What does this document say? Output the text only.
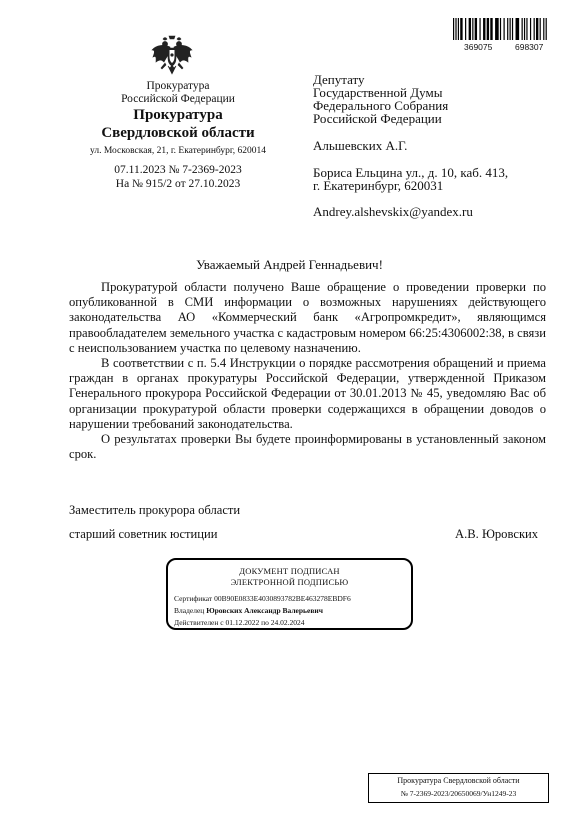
369075	698307
Прокуратура
Российской Федерации
Прокуратура
Свердловской области
ул. Московская, 21, г. Екатеринбург, 620014
07.11.2023 № 7-2369-2023
На № 915/2 от 27.10.2023
Депутату
Государственной Думы
Федерального Собрания
Российской Федерации
Альшевских А.Г.
Бориса Ельцина ул., д. 10, каб. 413,
г. Екатеринбург, 620031
Andrey.alshevskix@yandex.ru
Уважаемый Андрей Геннадьевич!

Прокуратурой области получено Ваше обращение о проведении проверки по опубликованной в СМИ информации о возможных нарушениях действующего законодательства АО «Коммерческий банк «Агропромкредит», являющимся правообладателем земельного участка с кадастровым номером 66:25:4306002:38, в связи с неиспользованием участка по целевому назначению.

В соответствии с п. 5.4 Инструкции о порядке рассмотрения обращений и приема граждан в органах прокуратуры Российской Федерации, утвержденной Приказом Генерального прокурора Российской Федерации от 30.01.2013 № 45, уведомляю Вас об организации прокуратурой области проверки содержащихся в обращении доводов о нарушении требований законодательства.

О результатах проверки Вы будете проинформированы в установленный законом срок.

Заместитель прокурора области
старший советник юстиции	А.В. Юровских
ДОКУМЕНТ ПОДПИСАН
ЭЛЕКТРОННОЙ ПОДПИСЬЮ
Сертификат 00B90E0833E4030893782BE463278EBDF6
Владелец Юровских Александр Валерьевич
Действителен с 01.12.2022 по 24.02.2024
Прокуратура Свердловской области
№ 7-2369-2023/20650069/Ун1249-23
